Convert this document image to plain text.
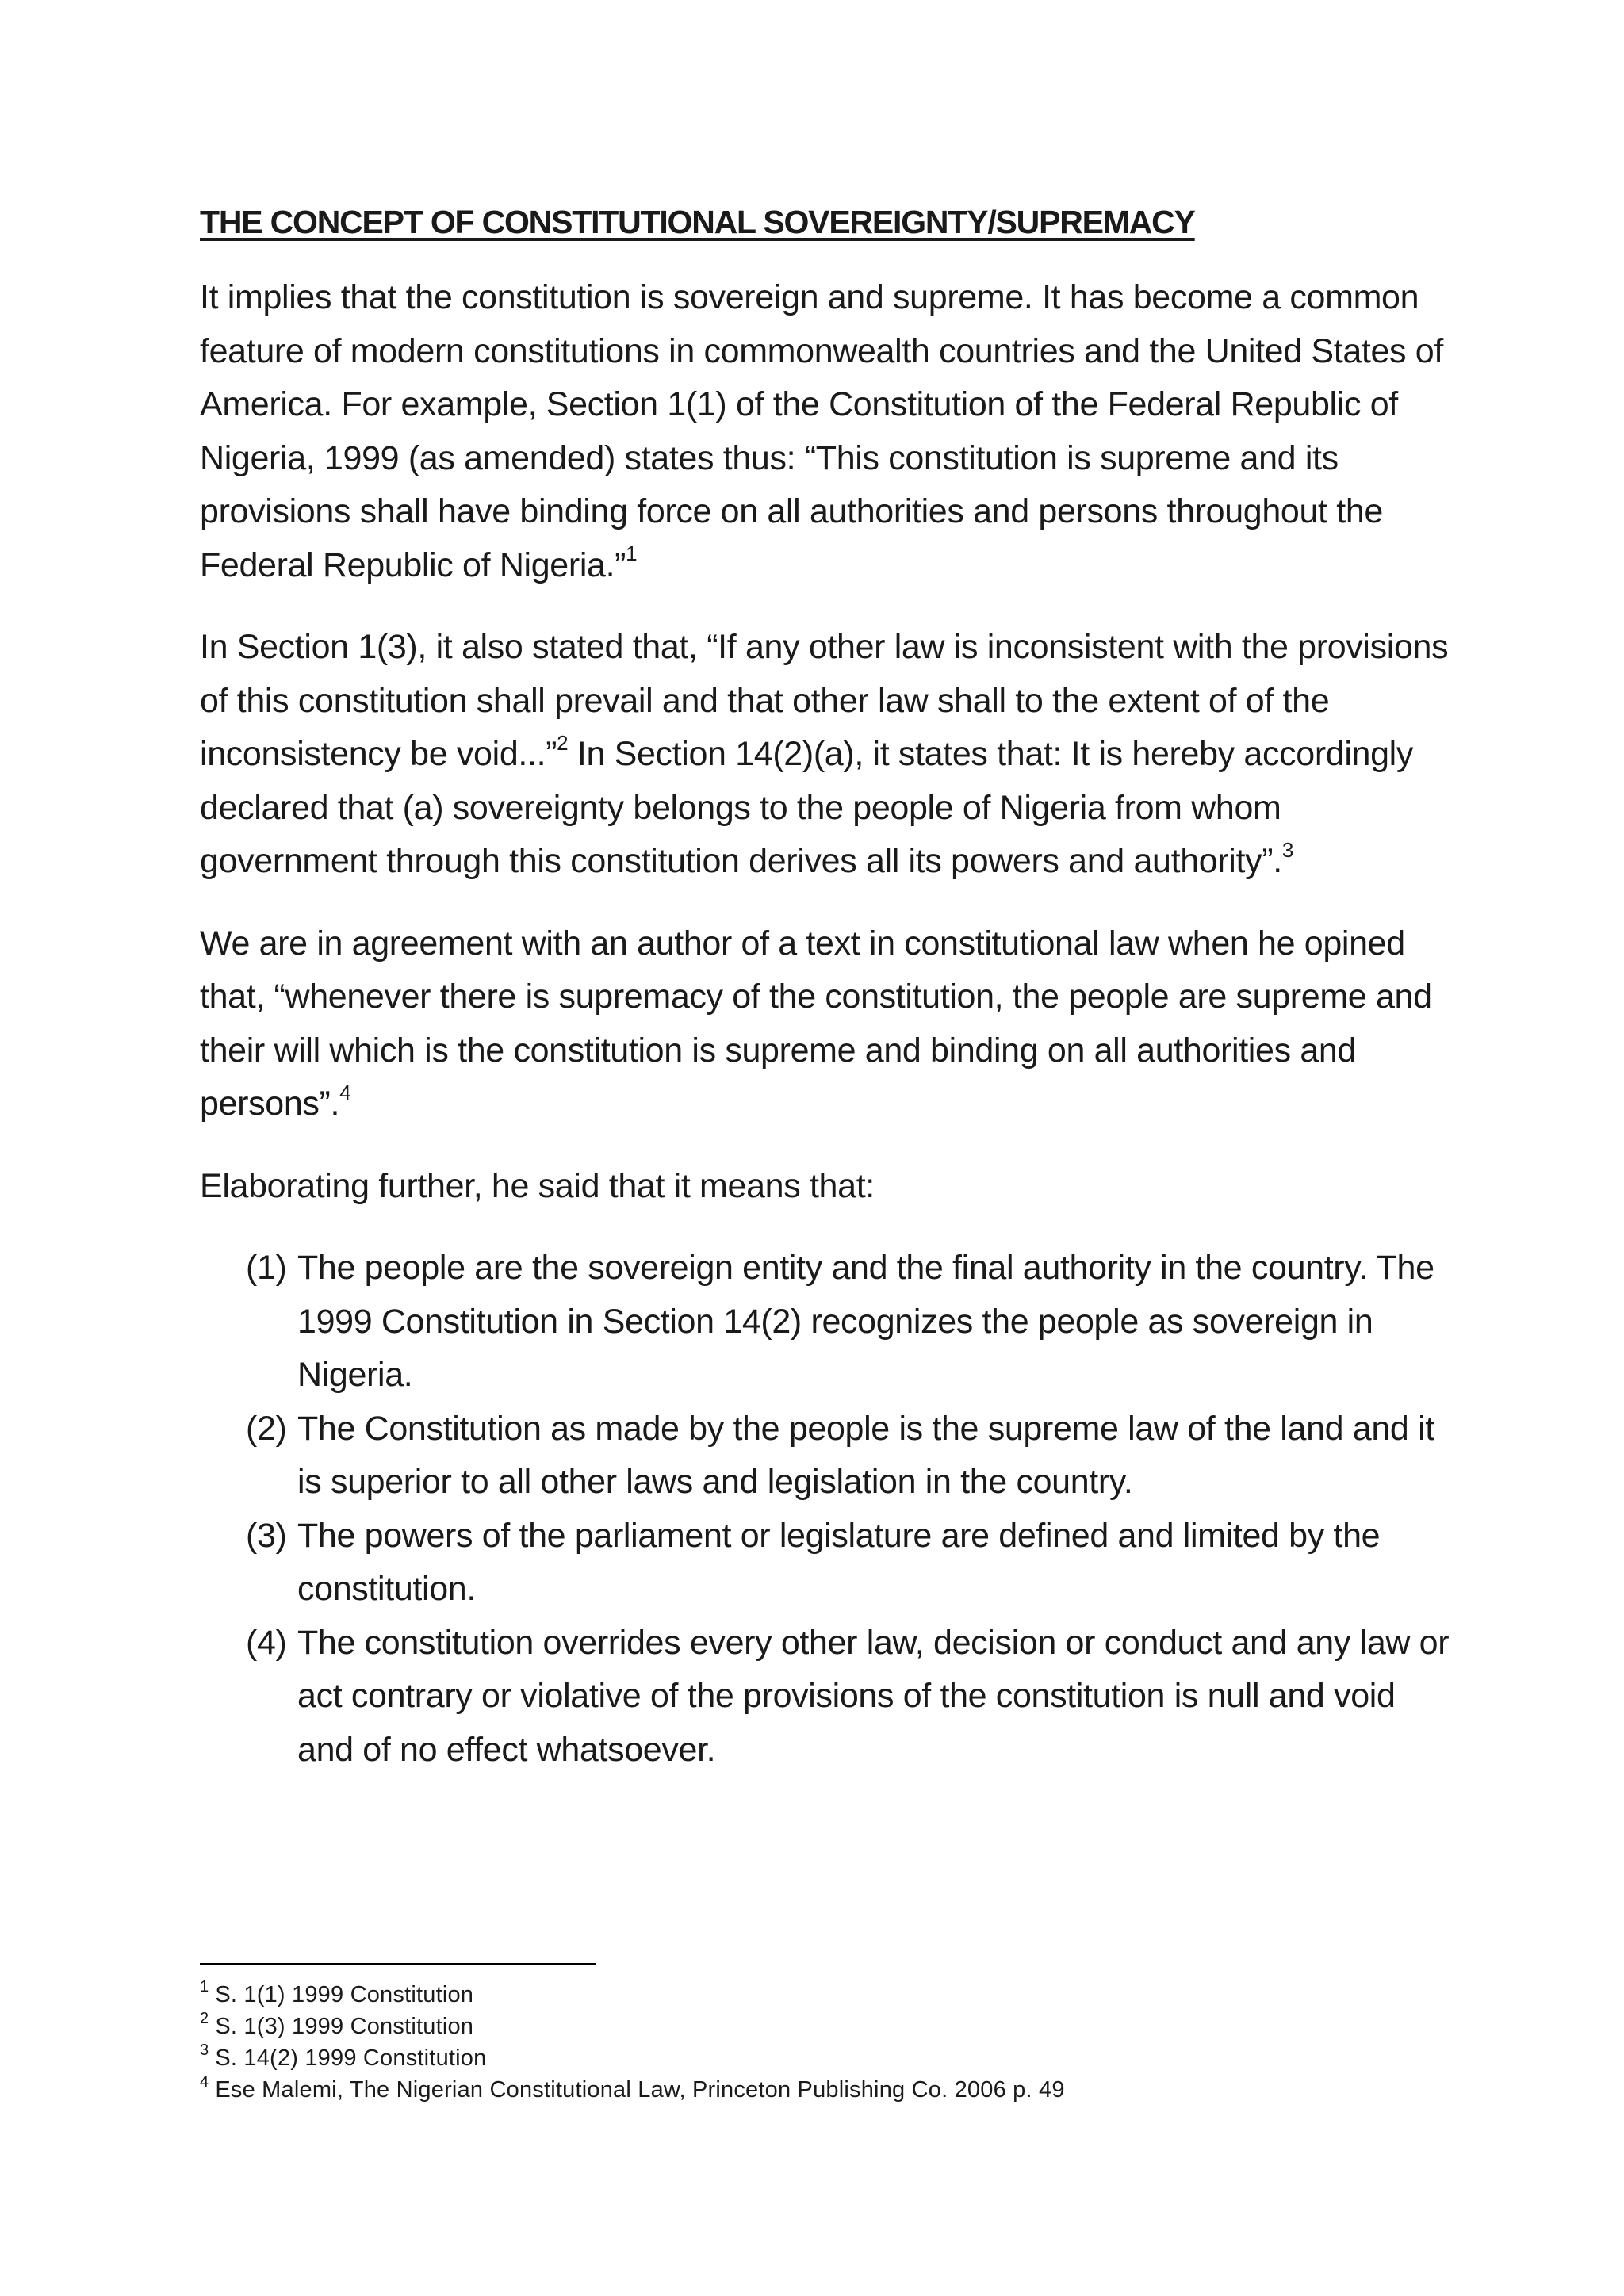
THE CONCEPT OF CONSTITUTIONAL SOVEREIGNTY/SUPREMACY

It implies that the constitution is sovereign and supreme. It has become a common feature of modern constitutions in commonwealth countries and the United States of America. For example, Section 1(1) of the Constitution of the Federal Republic of Nigeria, 1999 (as amended) states thus: “This constitution is supreme and its provisions shall have binding force on all authorities and persons throughout the Federal Republic of Nigeria.”$^1$

In Section 1(3), it also stated that, “If any other law is inconsistent with the provisions of this constitution shall prevail and that other law shall to the extent of of the inconsistency be void...”$^2$ In Section 14(2)(a), it states that: It is hereby accordingly declared that (a) sovereignty belongs to the people of Nigeria from whom government through this constitution derives all its powers and authority”.$^3$

We are in agreement with an author of a text in constitutional law when he opined that, “whenever there is supremacy of the constitution, the people are supreme and their will which is the constitution is supreme and binding on all authorities and persons”.$^4$

Elaborating further, he said that it means that:

(1) The people are the sovereign entity and the final authority in the country. The 1999 Constitution in Section 14(2) recognizes the people as sovereign in Nigeria.
(2) The Constitution as made by the people is the supreme law of the land and it is superior to all other laws and legislation in the country.
(3) The powers of the parliament or legislature are defined and limited by the constitution.
(4) The constitution overrides every other law, decision or conduct and any law or act contrary or violative of the provisions of the constitution is null and void and of no effect whatsoever.

$^1$ S. 1(1) 1999 Constitution

$^2$ S. 1(3) 1999 Constitution

$^3$ S. 14(2) 1999 Constitution

$^4$ Ese Malemi, The Nigerian Constitutional Law, Princeton Publishing Co. 2006 p. 49
